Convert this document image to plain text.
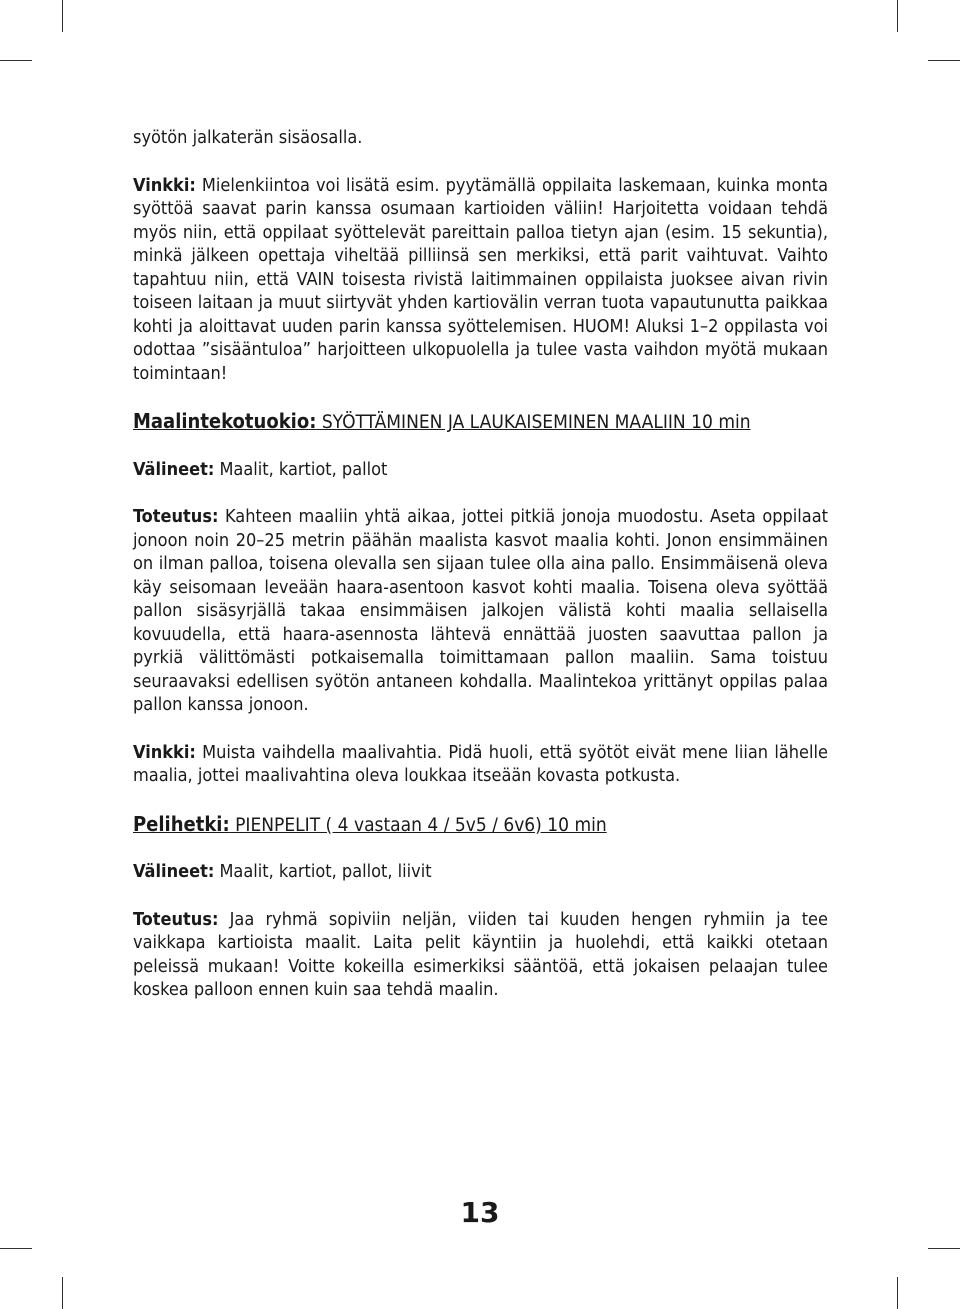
syötön jalkaterän sisäosalla.

Vinkki: Mielenkiintoa voi lisätä esim. pyytämällä oppilaita laskemaan, kuinka monta syöttöä saavat parin kanssa osumaan kartioiden väliin! Harjoitetta voidaan tehdä myös niin, että oppilaat syöttelevät pareittain palloa tietyn ajan (esim. 15 sekuntia), minkä jälkeen opettaja viheltää pilliinsä sen merkiksi, että parit vaihtuvat. Vaihto tapahtuu niin, että VAIN toisesta rivistä laitimmainen oppilaista juoksee aivan rivin toiseen laitaan ja muut siirtyvät yhden kartiovälin verran tuota vapautunutta paikkaa kohti ja aloittavat uuden parin kanssa syöttelemisen. HUOM! Aluksi 1–2 oppilasta voi odottaa ”sisääntuloa” harjoitteen ulkopuolella ja tulee vasta vaihdon myötä mukaan toimintaan!

Maalintekotuokio: SYÖTTÄMINEN JA LAUKAISEMINEN MAALIIN 10 min

Välineet: Maalit, kartiot, pallot

Toteutus: Kahteen maaliin yhtä aikaa, jottei pitkiä jonoja muodostu. Aseta oppilaat jonoon noin 20–25 metrin päähän maalista kasvot maalia kohti. Jonon ensimmäinen on ilman palloa, toisena olevalla sen sijaan tulee olla aina pallo. Ensimmäisenä oleva käy seisomaan leveään haara-asentoon kasvot kohti maalia. Toisena oleva syöttää pallon sisäsyrjällä takaa ensimmäisen jalkojen välistä kohti maalia sellaisella kovuudella, että haara-asennosta lähtevä ennättää juosten saavuttaa pallon ja pyrkiä välittömästi potkaisemalla toimittamaan pallon maaliin. Sama toistuu seuraavaksi edellisen syötön antaneen kohdalla. Maalintekoa yrittänyt oppilas palaa pallon kanssa jonoon.

Vinkki: Muista vaihdella maalivahtia. Pidä huoli, että syötöt eivät mene liian lähelle maalia, jottei maalivahtina oleva loukkaa itseään kovasta potkusta.

Pelihetki: PIENPELIT ( 4 vastaan 4 / 5v5 / 6v6) 10 min

Välineet: Maalit, kartiot, pallot, liivit

Toteutus: Jaa ryhmä sopiviin neljän, viiden tai kuuden hengen ryhmiin ja tee vaikkapa kartioista maalit. Laita pelit käyntiin ja huolehdi, että kaikki otetaan peleissä mukaan! Voitte kokeilla esimerkiksi sääntöä, että jokaisen pelaajan tulee koskea palloon ennen kuin saa tehdä maalin.

13
